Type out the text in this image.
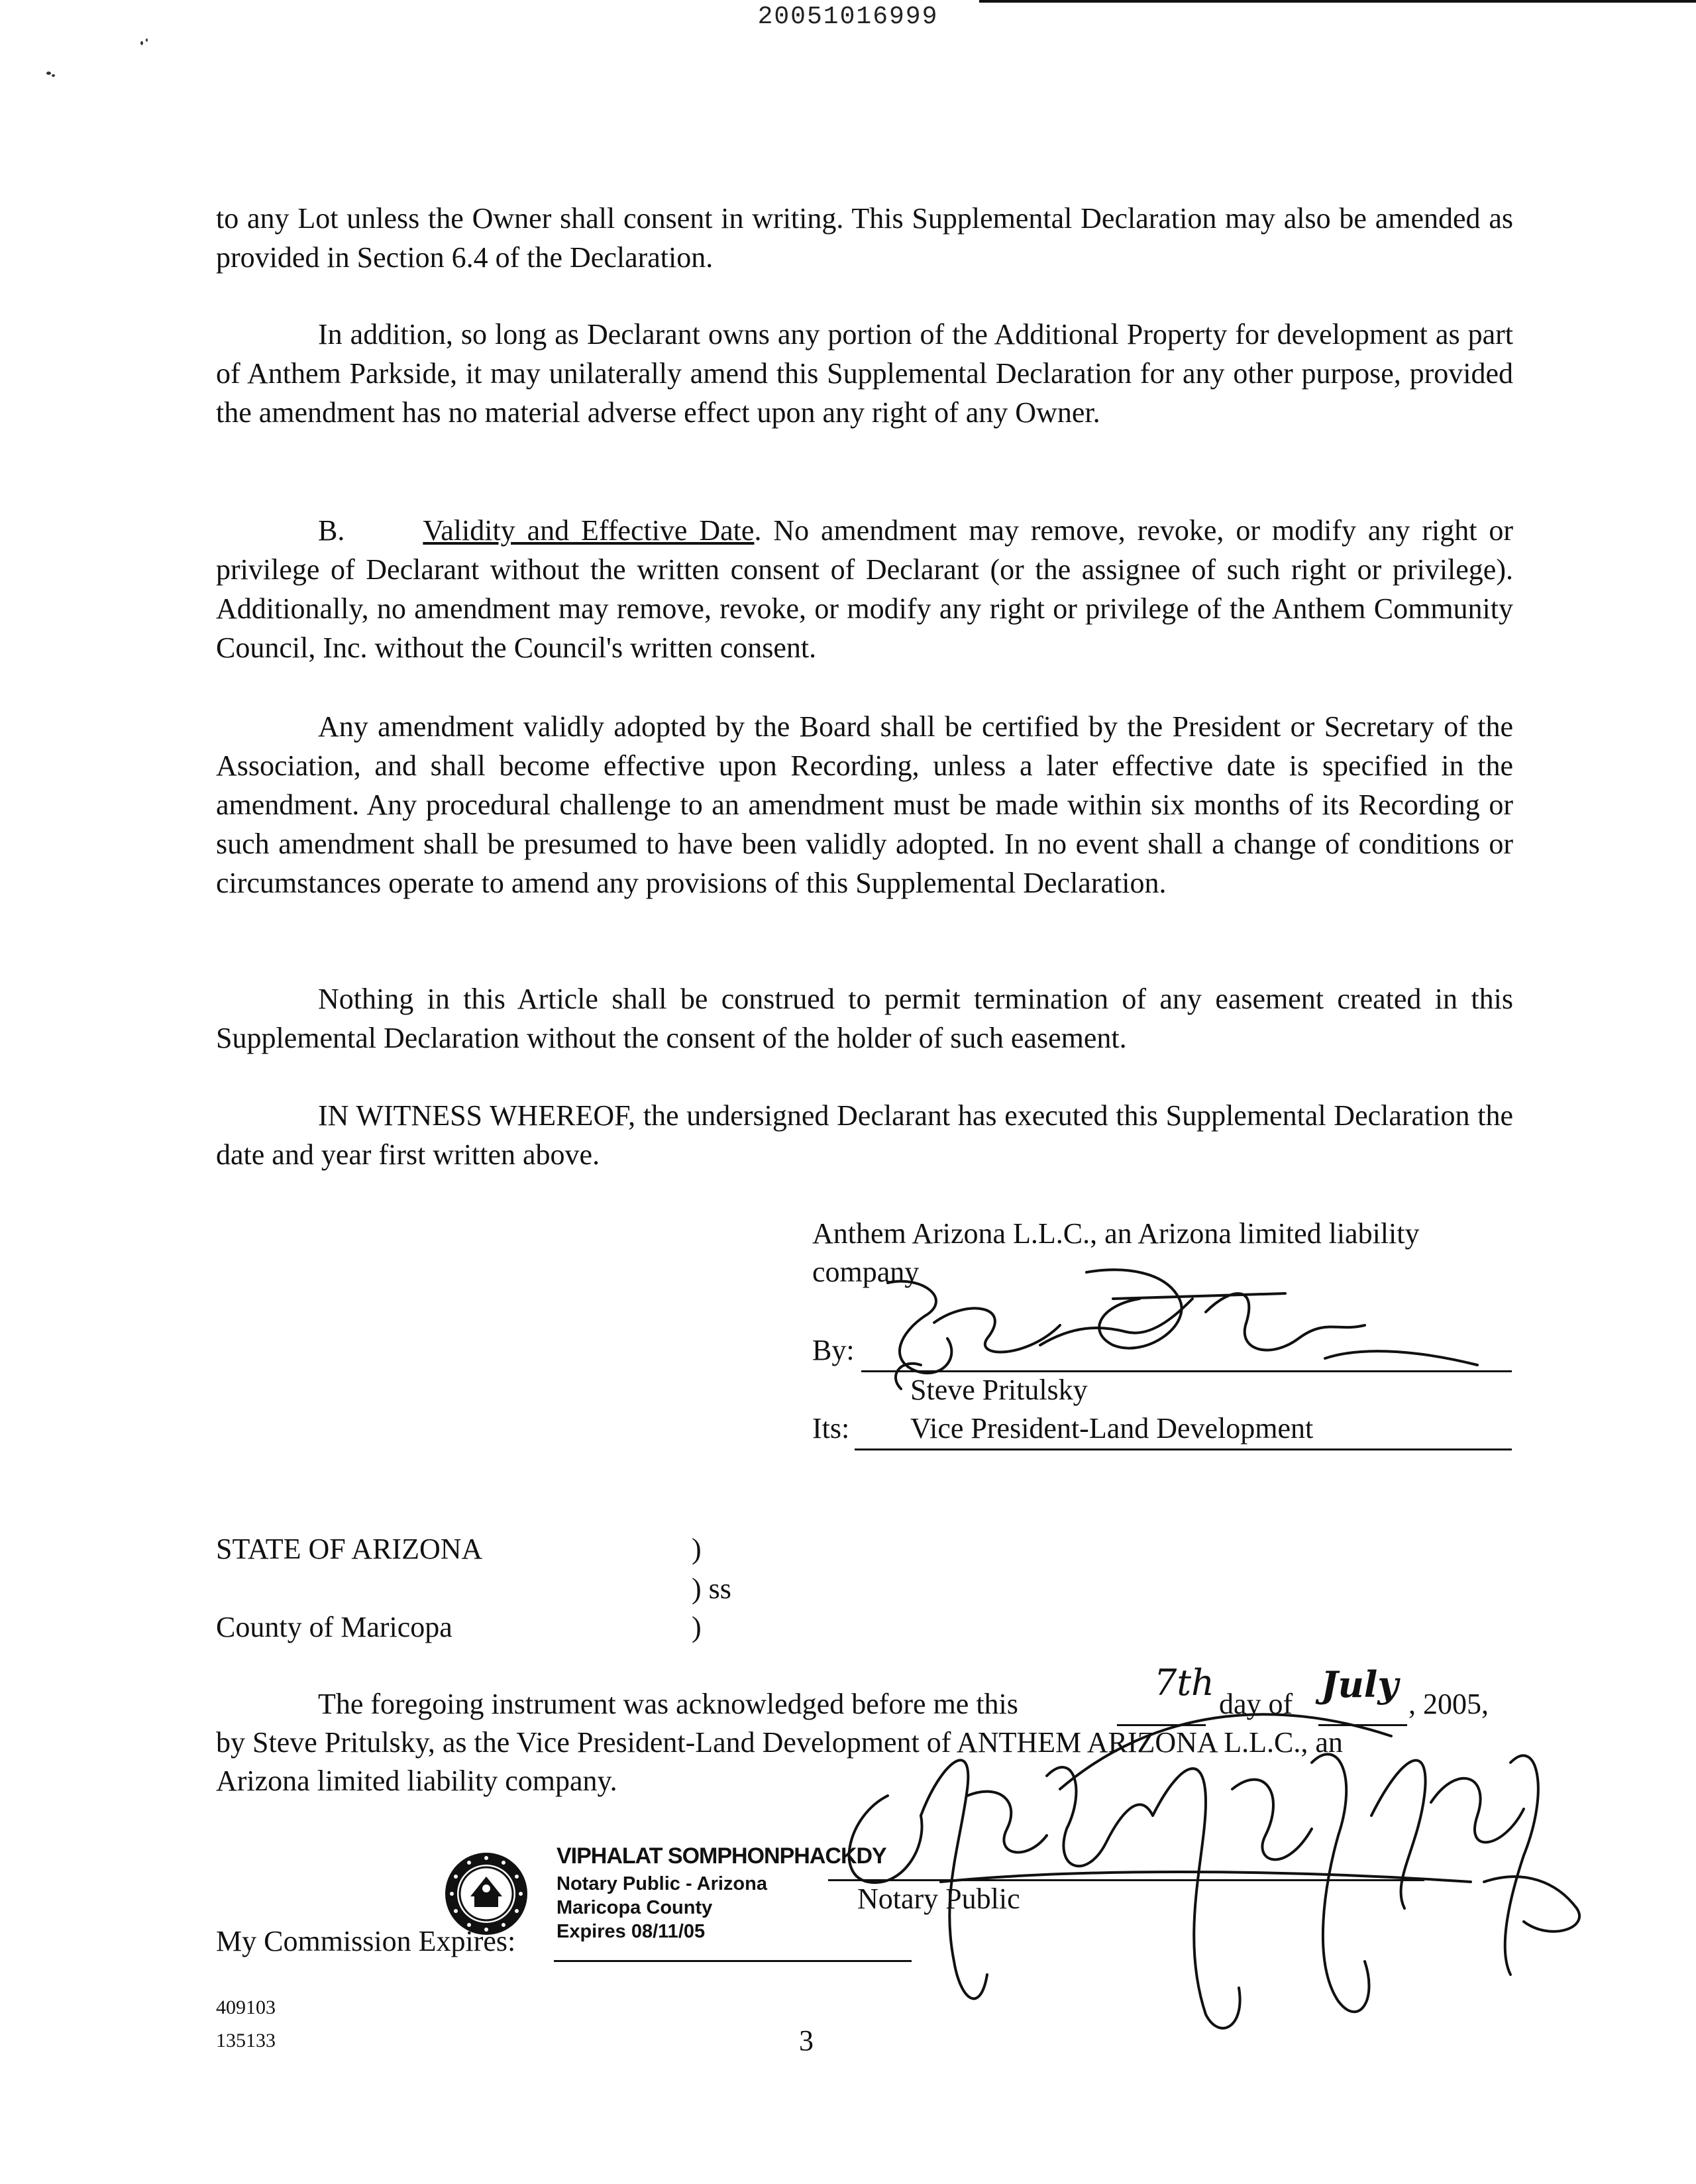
20051016999
to any Lot unless the Owner shall consent in writing. This Supplemental Declaration may also be amended as provided in Section 6.4 of the Declaration.
In addition, so long as Declarant owns any portion of the Additional Property for development as part of Anthem Parkside, it may unilaterally amend this Supplemental Declaration for any other purpose, provided the amendment has no material adverse effect upon any right of any Owner.
B.	Validity and Effective Date. No amendment may remove, revoke, or modify any right or privilege of Declarant without the written consent of Declarant (or the assignee of such right or privilege). Additionally, no amendment may remove, revoke, or modify any right or privilege of the Anthem Community Council, Inc. without the Council's written consent.
Any amendment validly adopted by the Board shall be certified by the President or Secretary of the Association, and shall become effective upon Recording, unless a later effective date is specified in the amendment. Any procedural challenge to an amendment must be made within six months of its Recording or such amendment shall be presumed to have been validly adopted. In no event shall a change of conditions or circumstances operate to amend any provisions of this Supplemental Declaration.
Nothing in this Article shall be construed to permit termination of any easement created in this Supplemental Declaration without the consent of the holder of such easement.
IN WITNESS WHEREOF, the undersigned Declarant has executed this Supplemental Declaration the date and year first written above.
Anthem Arizona L.L.C., an Arizona limited liability
company
By:
Steve Pritulsky
Its: Vice President-Land Development
STATE OF ARIZONA
County of Maricopa
)
) ss
)
The foregoing instrument was acknowledged before me this
7th
day of July , 2005,
by Steve Pritulsky, as the Vice President-Land Development of ANTHEM ARIZONA L.L.C., an
Arizona limited liability company.
VIPHALAT SOMPHONPHACKDY
Notary Public - Arizona
Maricopa County
Expires 08/11/05
My Commission Expires:
Notary Public
409103
135133	3
